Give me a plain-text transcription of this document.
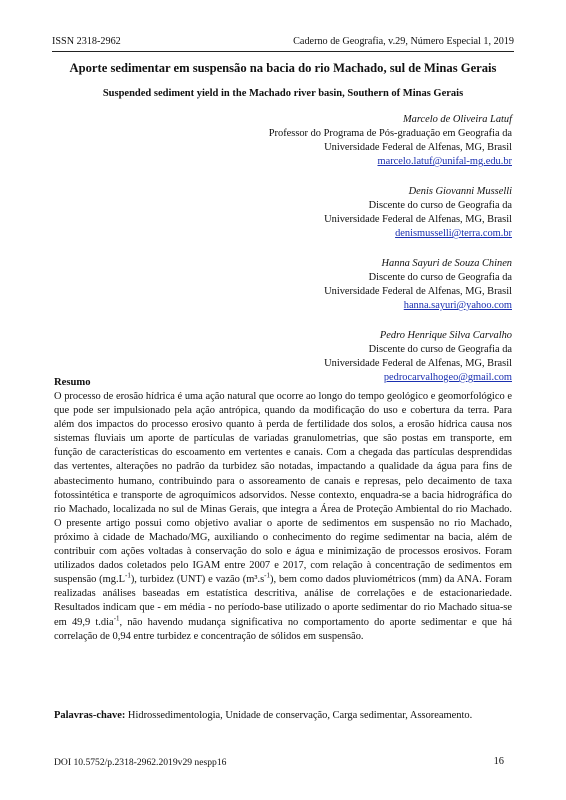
ISSN 2318-2962	Caderno de Geografia, v.29, Número Especial 1, 2019
Aporte sedimentar em suspensão na bacia do rio Machado, sul de Minas Gerais
Suspended sediment yield in the Machado river basin, Southern of Minas Gerais
Marcelo de Oliveira Latuf
Professor do Programa de Pós-graduação em Geografia da
Universidade Federal de Alfenas, MG, Brasil
marcelo.latuf@unifal-mg.edu.br
Denis Giovanni Musselli
Discente do curso de Geografia da
Universidade Federal de Alfenas, MG, Brasil
denismusselli@terra.com.br
Hanna Sayuri de Souza Chinen
Discente do curso de Geografia da
Universidade Federal de Alfenas, MG, Brasil
hanna.sayuri@yahoo.com
Pedro Henrique Silva Carvalho
Discente do curso de Geografia da
Universidade Federal de Alfenas, MG, Brasil
pedrocarvalhogeo@gmail.com
Resumo

O processo de erosão hídrica é uma ação natural que ocorre ao longo do tempo geológico e geomorfológico e que pode ser impulsionado pela ação antrópica, quando da modificação do uso e cobertura da terra. Para além dos impactos do processo erosivo quanto à perda de fertilidade dos solos, a erosão hídrica causa nos sistemas fluviais um aporte de partículas de variadas granulometrias, que são postas em transporte, em função de características do escoamento em vertentes e canais. Com a chegada das partículas desprendidas das vertentes, alterações no padrão da turbidez são notadas, impactando a qualidade da água para fins de abastecimento humano, contribuindo para o assoreamento de canais e represas, pelo decaimento de taxa fotossintética e transporte de agroquímicos adsorvidos. Nesse contexto, enquadra-se a bacia hidrográfica do rio Machado, localizada no sul de Minas Gerais, que integra a Área de Proteção Ambiental do rio Machado. O presente artigo possui como objetivo avaliar o aporte de sedimentos em suspensão no rio Machado, próximo à cidade de Machado/MG, auxiliando o conhecimento do regime sedimentar na bacia, além de contribuir com ações voltadas à conservação do solo e água e minimização de processos erosivos. Foram utilizados dados coletados pelo IGAM entre 2007 e 2017, com relação à concentração de sedimentos em suspensão $(mg.L^{-1})$, turbidez (UNT) e vazão $(m^3.s^{-1})$, bem como dados pluviométricos (mm) da ANA. Foram realizadas análises baseadas em estatística descritiva, análise de correlações e de estacionariedade. Resultados indicam que - em média - no período-base utilizado o aporte sedimentar do rio Machado situa-se em 49,9 t.dia$^{-1}$, não havendo mudança significativa no comportamento do aporte sedimentar e que há correlação de 0,94 entre turbidez e concentração de sólidos em suspensão.

Palavras-chave: Hidrossedimentologia, Unidade de conservação, Carga sedimentar, Assoreamento.
DOI 10.5752/p.2318-2962.2019v29 nespp16	16
